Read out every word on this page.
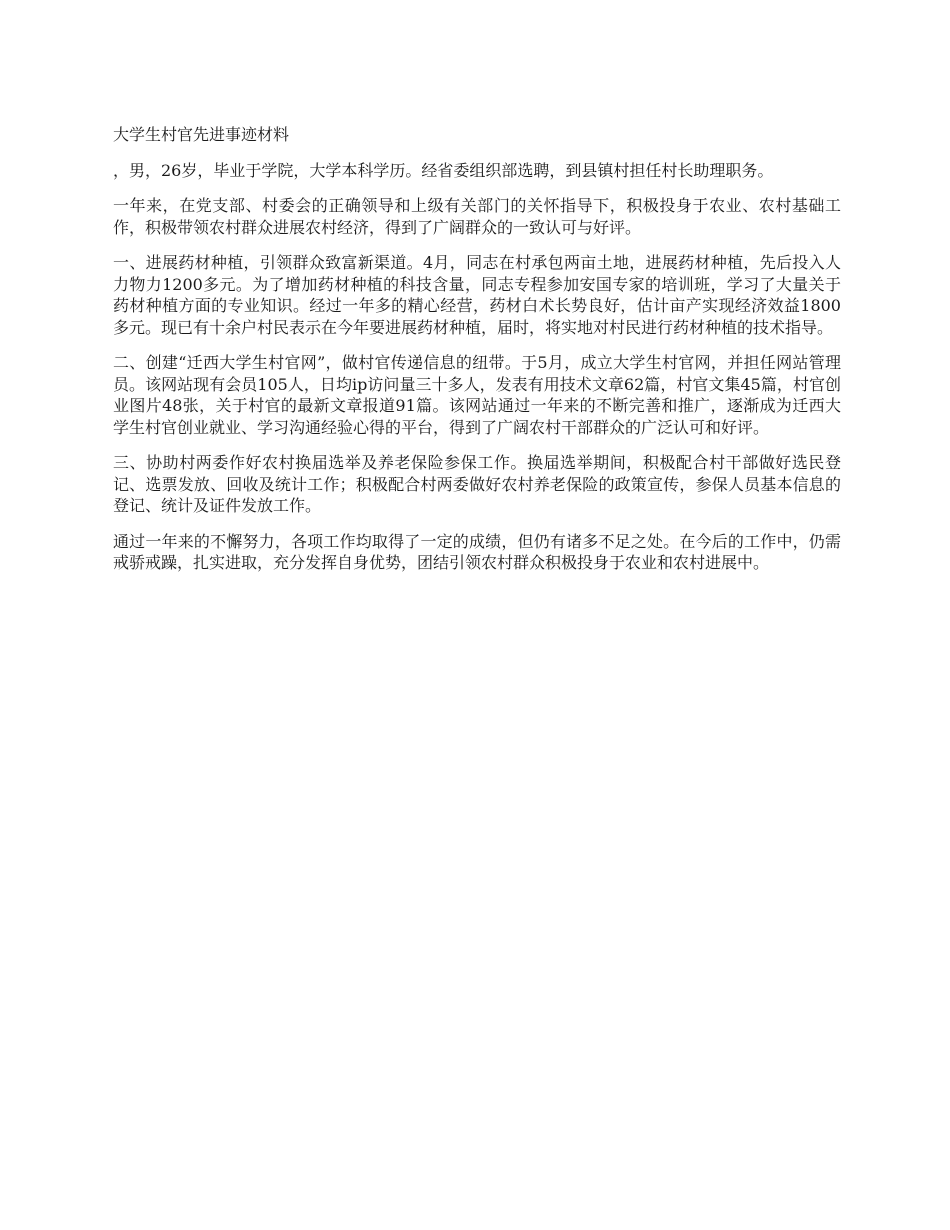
大学生村官先进事迹材料

，男，26岁，毕业于学院，大学本科学历。经省委组织部选聘，到县镇村担任村长助理职务。

一年来，在党支部、村委会的正确领导和上级有关部门的关怀指导下，积极投身于农业、农村基础工作，积极带领农村群众进展农村经济，得到了广阔群众的一致认可与好评。

一、进展药材种植，引领群众致富新渠道。4月，同志在村承包两亩土地，进展药材种植，先后投入人力物力1200多元。为了增加药材种植的科技含量，同志专程参加安国专家的培训班，学习了大量关于药材种植方面的专业知识。经过一年多的精心经营，药材白术长势良好，估计亩产实现经济效益1800多元。现已有十余户村民表示在今年要进展药材种植，届时，将实地对村民进行药材种植的技术指导。

二、创建“迁西大学生村官网”，做村官传递信息的纽带。于5月，成立大学生村官网，并担任网站管理员。该网站现有会员105人，日均ip访问量三十多人，发表有用技术文章62篇，村官文集45篇，村官创业图片48张，关于村官的最新文章报道91篇。该网站通过一年来的不断完善和推广，逐渐成为迁西大学生村官创业就业、学习沟通经验心得的平台，得到了广阔农村干部群众的广泛认可和好评。

三、协助村两委作好农村换届选举及养老保险参保工作。换届选举期间，积极配合村干部做好选民登记、选票发放、回收及统计工作；积极配合村两委做好农村养老保险的政策宣传，参保人员基本信息的登记、统计及证件发放工作。

通过一年来的不懈努力，各项工作均取得了一定的成绩，但仍有诸多不足之处。在今后的工作中，仍需戒骄戒躁，扎实进取，充分发挥自身优势，团结引领农村群众积极投身于农业和农村进展中。
